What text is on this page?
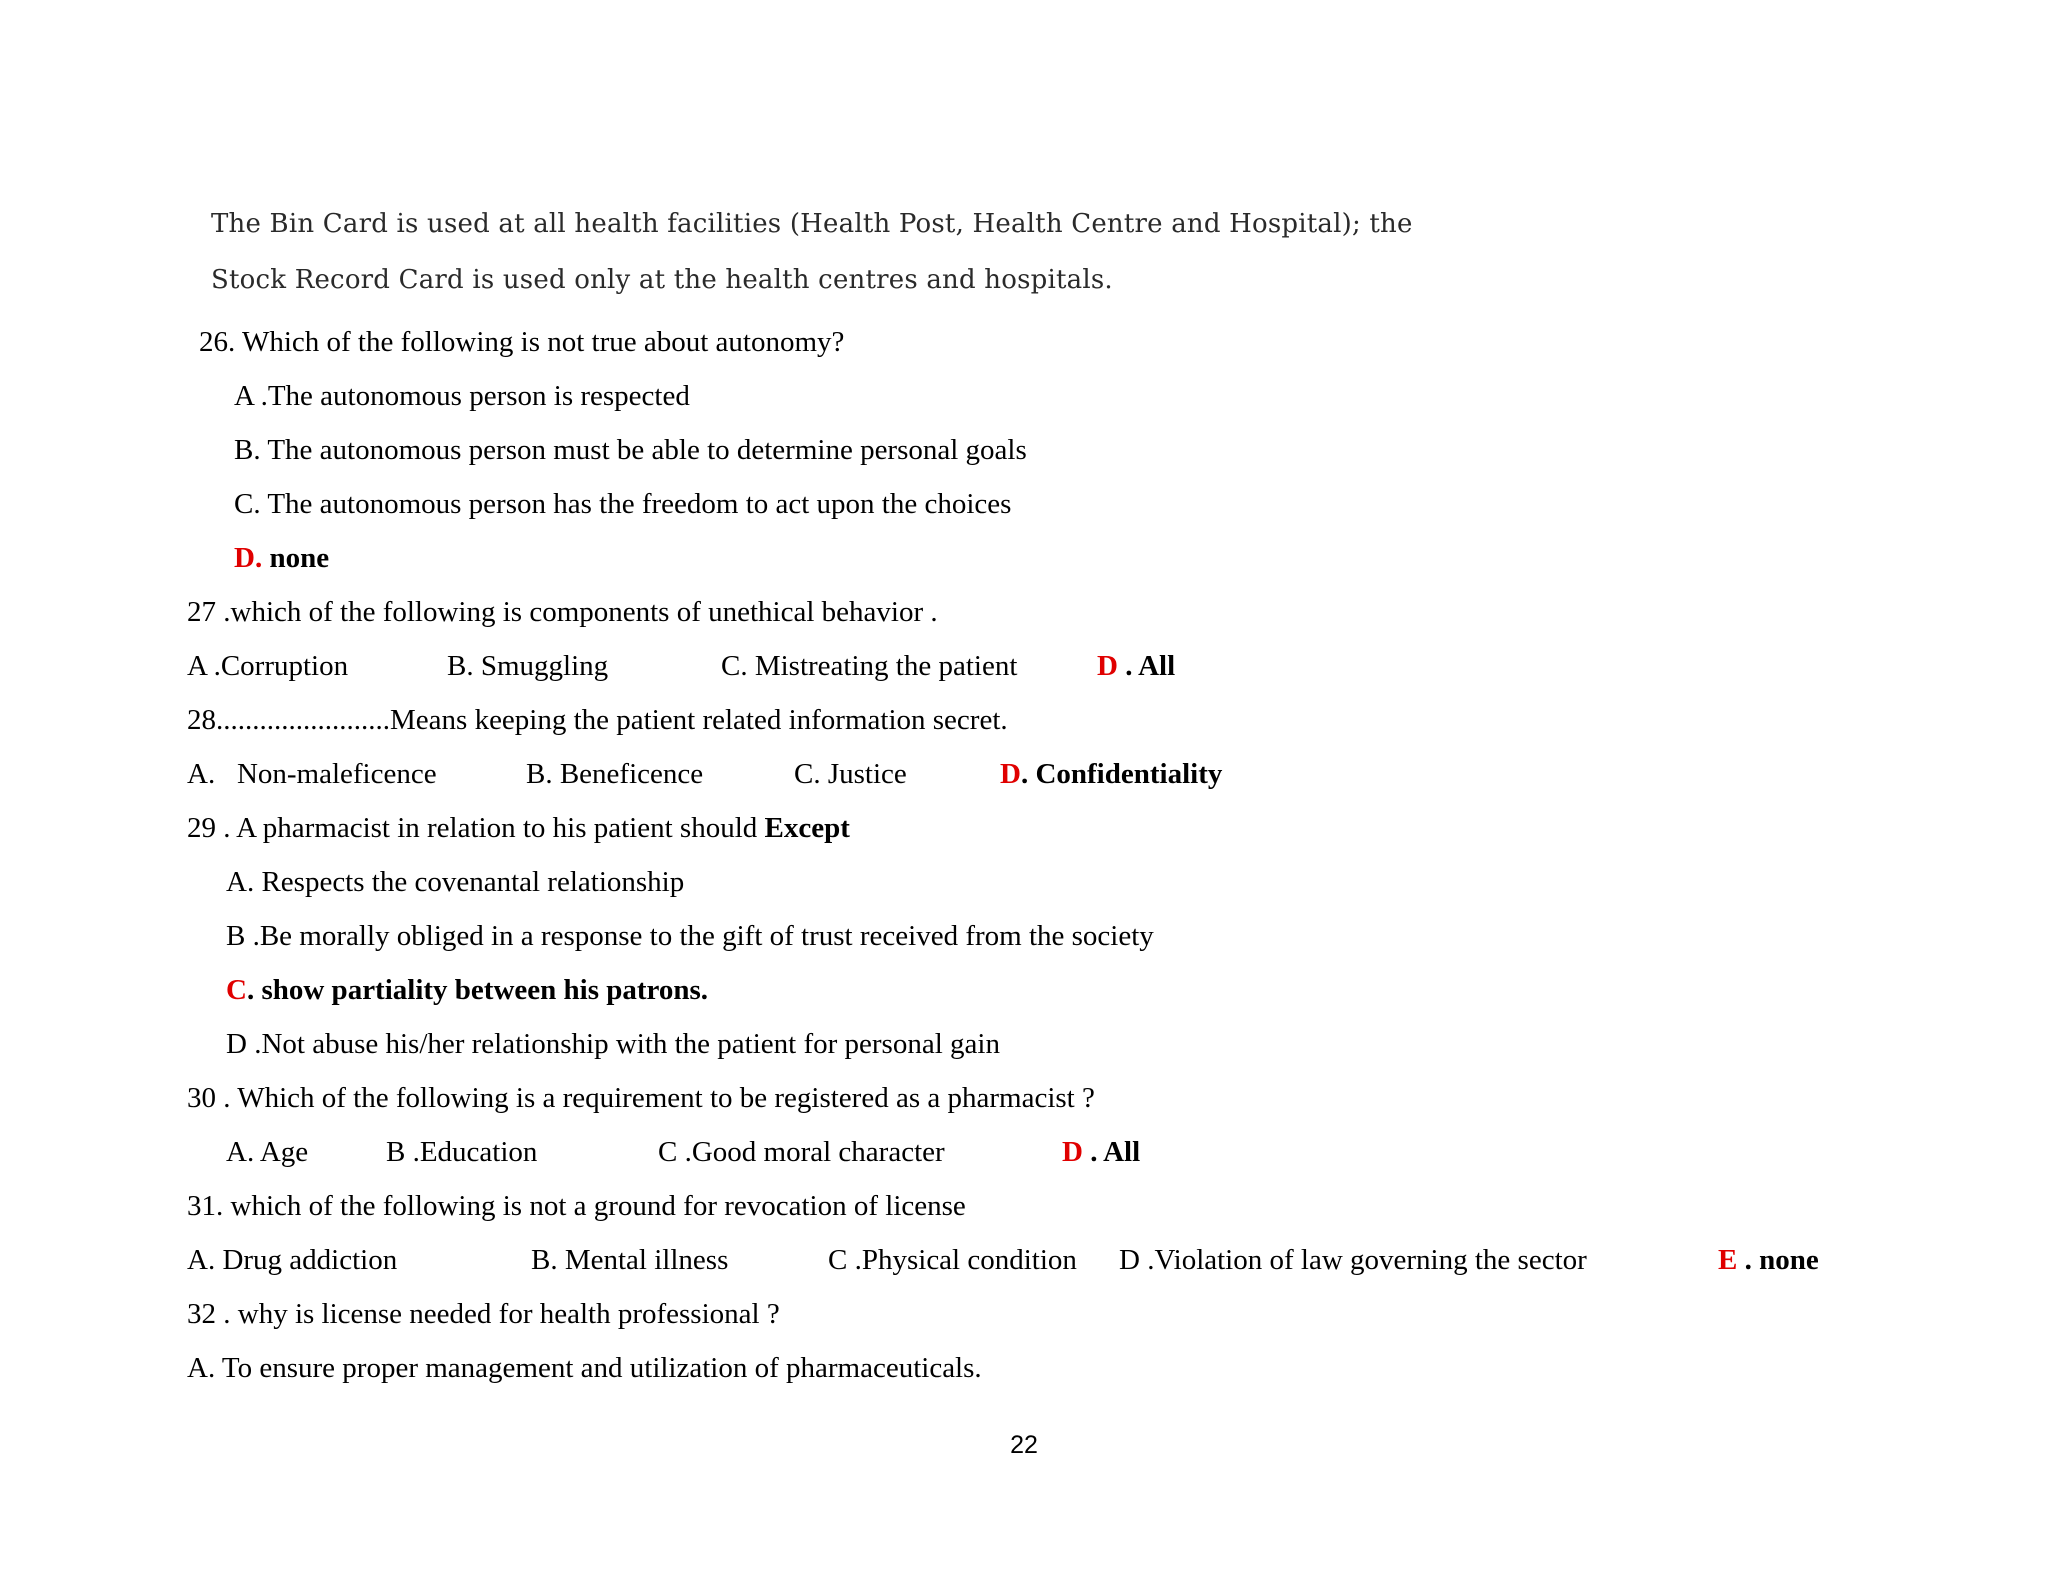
The Bin Card is used at all health facilities (Health Post, Health Centre and Hospital); the
Stock Record Card is used only at the health centres and hospitals.
26. Which of the following is not true about autonomy?
A .The autonomous person is respected
B. The autonomous person must be able to determine personal goals
C. The autonomous person has the freedom to act upon the choices
D. none
27 .which of the following is components of unethical behavior .
A .Corruption	B. Smuggling	C. Mistreating the patient	D . All
28........................Means keeping the patient related information secret.
A.   Non-maleficence	B. Beneficence	C. Justice	D. Confidentiality
29 . A pharmacist in relation to his patient should Except
A. Respects the covenantal relationship
B .Be morally obliged in a response to the gift of trust received from the society
C. show partiality between his patrons.
D .Not abuse his/her relationship with the patient for personal gain
30 . Which of the following is a requirement to be registered as a pharmacist ?
A. Age	B .Education	C .Good moral character	D . All
31. which of the following is not a ground for revocation of license
A. Drug addiction	B. Mental illness	C .Physical condition D .Violation of law governing the sector	E . none
32 . why is license needed for health professional ?
A. To ensure proper management and utilization of pharmaceuticals.
22
